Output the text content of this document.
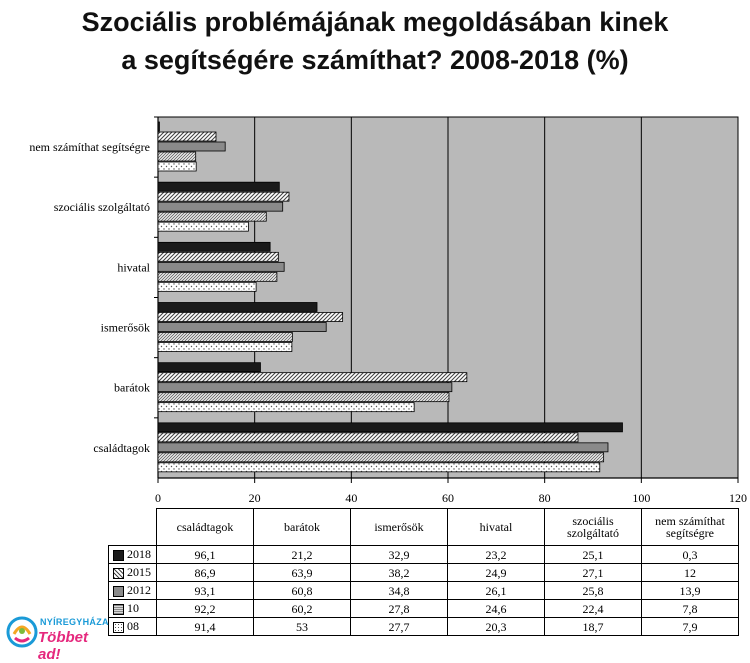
Szociális problémájának megoldásában kinek
a segítségére számíthat? 2008-2018 (%)
0	20	40	60	80	100	120
családtagok
barátok
ismerősök
hivatal
szociális szolgáltató
nem számíthat segítségre
	családtagok	barátok	ismerősök	hivatal	szociális szolgáltató	nem számíthat segítségre
2018	96,1	21,2	32,9	23,2	25,1	0,3
2015	86,9	63,9	38,2	24,9	27,1	12
2012	93,1	60,8	34,8	26,1	25,8	13,9
10	92,2	60,2	27,8	24,6	22,4	7,8
08	91,4	53	27,7	20,3	18,7	7,9
NYÍREGYHÁZA
Többet ad!
